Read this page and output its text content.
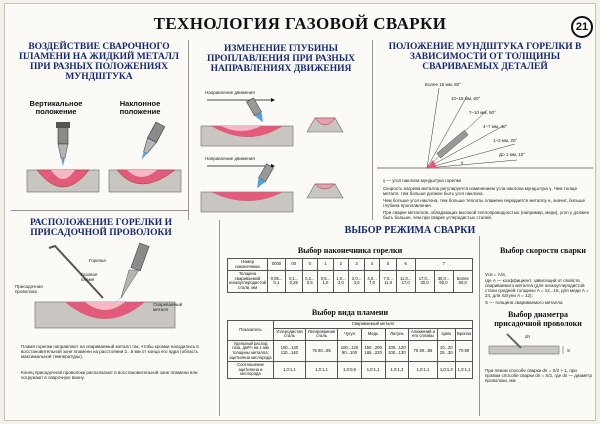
ТЕХНОЛОГИЯ ГАЗОВОЙ СВАРКИ	21
ВОЗДЕЙСТВИЕ СВАРОЧНОГО ПЛАМЕНИ НА ЖИДКИЙ МЕТАЛЛ ПРИ РАЗНЫХ ПОЛОЖЕНИЯХ МУНДШТУКА
Вертикальное положение
Наклонное положение
ИЗМЕНЕНИЕ ГЛУБИНЫ ПРОПЛАВЛЕНИЯ ПРИ РАЗНЫХ НАПРАВЛЕНИЯХ ДВИЖЕНИЯ
Направление движения
Направление движения
ПОЛОЖЕНИЕ МУНДШТУКА ГОРЕЛКИ В ЗАВИСИМОСТИ ОТ ТОЛЩИНЫ СВАРИВАЕМЫХ ДЕТАЛЕЙ
γ
Более 15 мм, 80°
10–15 мм, 60°
7–10 мм, 50°
4–7 мм, 40°
1–3 мм, 20°
До 1 мм, 10°
γ — угол наклона мундштука горелки
Скорость нагрева металла регулируется изменением угла наклона мундштука γ. Чем толще металл, тем больше должен быть угол наклона.
Чем больше угол наклона, тем больше теплоты пламени передается металлу и, значит, больше глубина проплавления.
При сварке металлов, обладающих высокой теплопроводностью (например, меди), угол γ должен быть больше, чем при сварке углеродистых сталей.
РАСПОЛОЖЕНИЕ ГОРЕЛКИ И ПРИСАДОЧНОЙ ПРОВОЛОКИ
Горелка
Газовое пламя
Присадочная проволока
Свариваемый металл
Пламя горелки направляют на свариваемый металл так, чтобы кромки находились в восстановительной зоне пламени на расстоянии 2...6 мм от конца его ядра (область максимальной температуры).
Конец присадочной проволоки располагают в восстановительной зоне пламени или погружают в сварочную ванну.
ВЫБОР РЕЖИМА СВАРКИ
Выбор наконечника горелки
Номер наконечника	0000	00	0	1	2	3	4	5	6	7		
Толщина свариваемой низкоуглеродистой стали, мм	0,05... 0,1	0,1... 0,25	0,2... 0,5	0,5... 1,0	1,0... 2,0	2,0... 4,0	4,0... 7,0	7,0... 11,0	11,0... 17,0	17,0... 30,0	30,0... 50,0	Более 50,0
Выбор вида пламени
Показатель	Свариваемый металл							
	Углеродистая сталь	Легированная сталь	Чугун	Медь	Латунь	Алюминий и его сплавы	Цинк	Бронза
Удельный расход газа, дм³/ч на 1 мм толщины металла: ацетилена кислорода	100...120 110...140	75 80...85	100...120 90...100	150...200 165...220	100...120 100...130	75 80...85	10...20 25...30	70 80
Соотношение ацетилена и кислорода	1,0:1,1	1,0:1,1	1,0:0,9	1,0:1,1	1,0:1,3	1,0:1,1	1,0:1,3	1,0:1,1
Выбор скорости сварки
Vсв = A/S,
где A — коэффициент, зависящий от свойств свариваемого металла (для низкоуглеродистой стали средней толщины A = 12...15, для меди A = 24, для латуни A = 12);
S — толщина свариваемого металла
Выбор диаметра присадочной проволоки
S
dп
При левом способе сварки dп = S/2 + 1, при правом способе сварки dп = S/2, где dп — диаметр проволоки, мм
